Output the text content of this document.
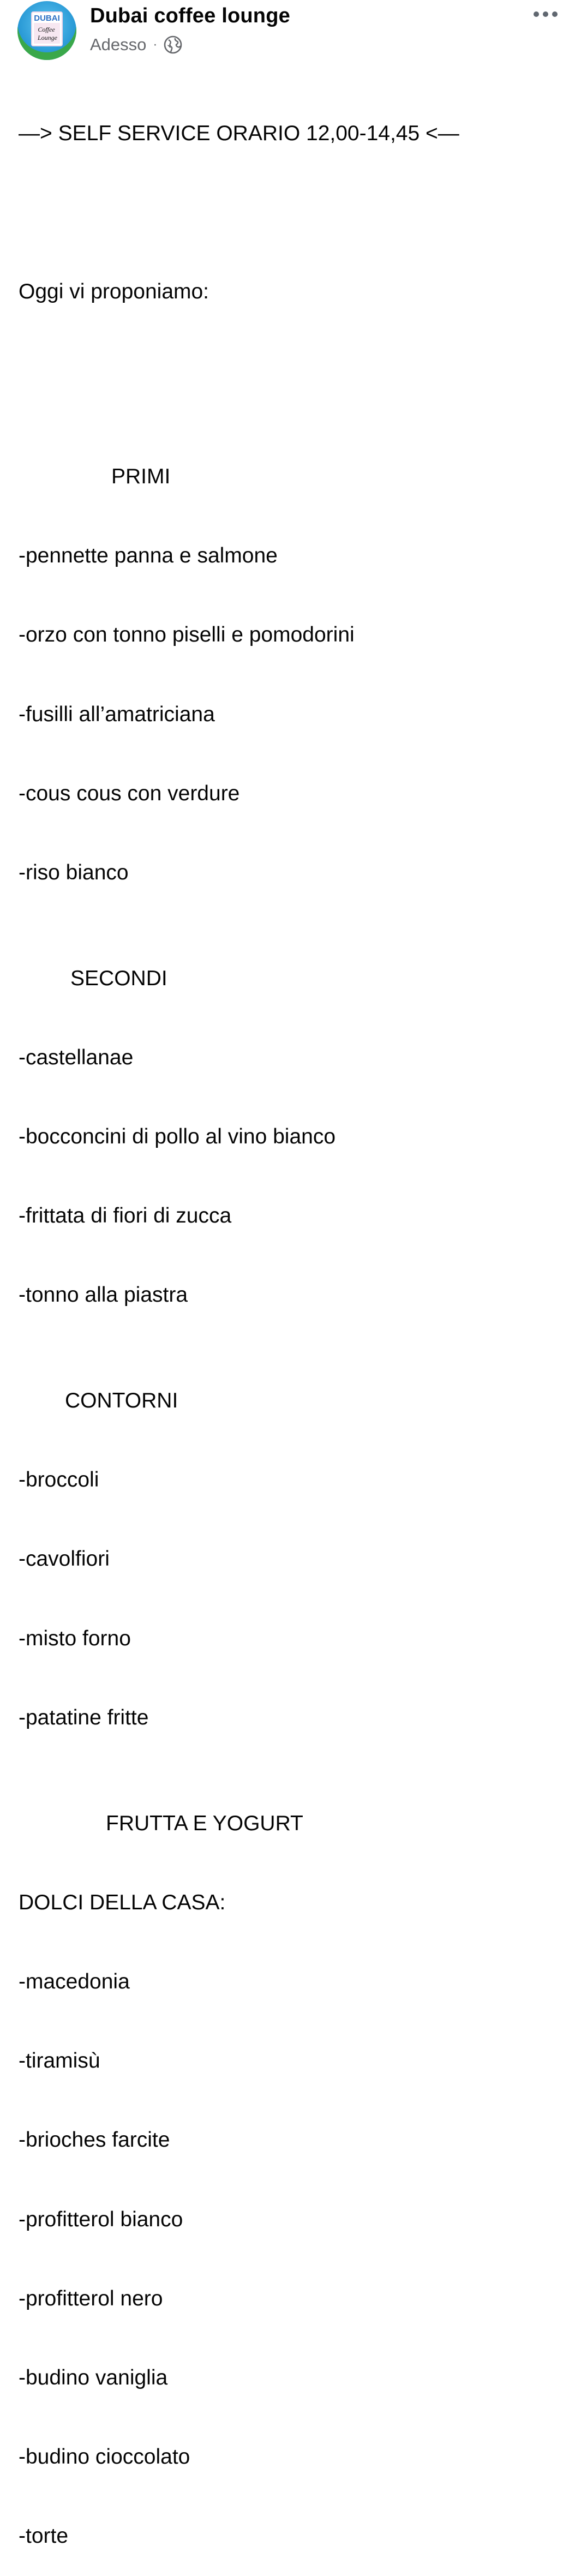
DUBAI
Coffee
Lounge
Dubai coffee lounge
Adesso ·

—> SELF SERVICE ORARIO 12,00-14,45 <—

Oggi vi proponiamo:

PRIMI

-pennette panna e salmone

-orzo con tonno piselli e pomodorini

-fusilli all’amatriciana

-cous cous con verdure

-riso bianco

SECONDI

-castellanae

-bocconcini di pollo al vino bianco

-frittata di fiori di zucca

-tonno alla piastra

CONTORNI

-broccoli

-cavolfiori

-misto forno

-patatine fritte

FRUTTA E YOGURT

DOLCI DELLA CASA:

-macedonia

-tiramisù

-brioches farcite

-profitterol bianco

-profitterol nero

-budino vaniglia

-budino cioccolato

-torte
